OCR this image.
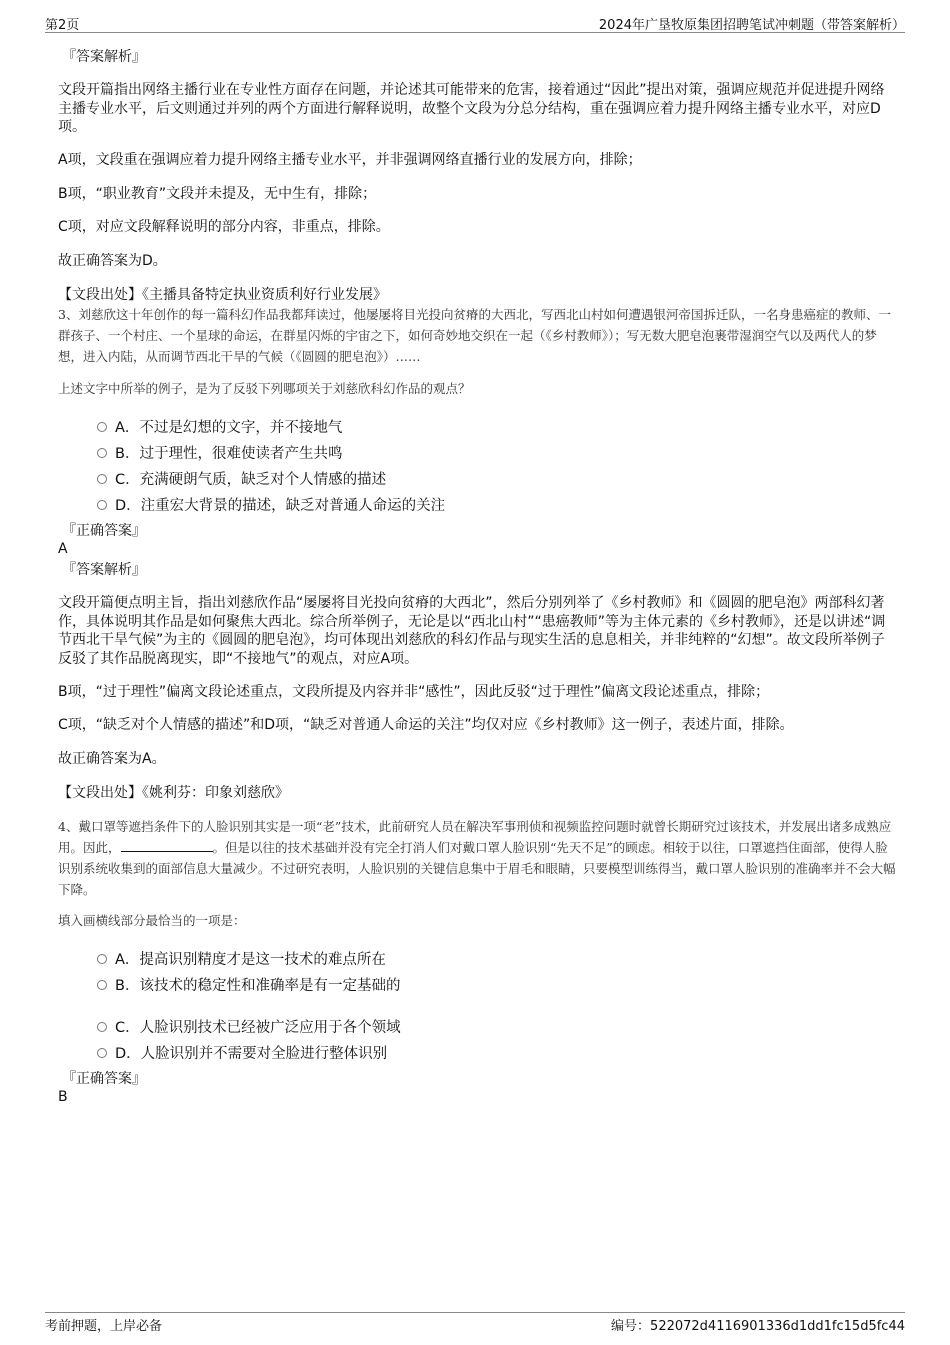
第2页	2024年广垦牧原集团招聘笔试冲刺题（带答案解析）
『答案解析』
文段开篇指出网络主播行业在专业性方面存在问题，并论述其可能带来的危害，接着通过“因此”提出对策，强调应规范并促进提升网络主播专业水平，后文则通过并列的两个方面进行解释说明，故整个文段为分总分结构，重在强调应着力提升网络主播专业水平，对应D项。
A项，文段重在强调应着力提升网络主播专业水平，并非强调网络直播行业的发展方向，排除；
B项，“职业教育”文段并未提及，无中生有，排除；
C项，对应文段解释说明的部分内容，非重点，排除。
故正确答案为D。
【文段出处】《主播具备特定执业资质利好行业发展》
3、刘慈欣这十年创作的每一篇科幻作品我都拜读过，他屡屡将目光投向贫瘠的大西北，写西北山村如何遭遇银河帝国拆迁队，一名身患癌症的教师、一群孩子、一个村庄、一个星球的命运，在群星闪烁的宇宙之下，如何奇妙地交织在一起（《乡村教师》）；写无数大肥皂泡裹带湿润空气以及两代人的梦想，进入内陆，从而调节西北干旱的气候（《圆圆的肥皂泡》）……
上述文字中所举的例子，是为了反驳下列哪项关于刘慈欣科幻作品的观点？
A．不过是幻想的文字，并不接地气
B．过于理性，很难使读者产生共鸣
C．充满硬朗气质，缺乏对个人情感的描述
D．注重宏大背景的描述，缺乏对普通人命运的关注
『正确答案』
A
『答案解析』
文段开篇便点明主旨，指出刘慈欣作品“屡屡将目光投向贫瘠的大西北”，然后分别列举了《乡村教师》和《圆圆的肥皂泡》两部科幻著作，具体说明其作品是如何聚焦大西北。综合所举例子，无论是以“西北山村”“患癌教师”等为主体元素的《乡村教师》，还是以讲述“调节西北干旱气候”为主的《圆圆的肥皂泡》，均可体现出刘慈欣的科幻作品与现实生活的息息相关，并非纯粹的“幻想”。故文段所举例子反驳了其作品脱离现实，即“不接地气”的观点，对应A项。
B项，“过于理性”偏离文段论述重点，文段所提及内容并非“感性”，因此反驳“过于理性”偏离文段论述重点，排除；
C项，“缺乏对个人情感的描述”和D项，“缺乏对普通人命运的关注”均仅对应《乡村教师》这一例子，表述片面，排除。
故正确答案为A。
【文段出处】《姚利芬：印象刘慈欣》
4、戴口罩等遮挡条件下的人脸识别其实是一项“老”技术，此前研究人员在解决军事刑侦和视频监控问题时就曾长期研究过该技术，并发展出诸多成熟应用。因此，	。但是以往的技术基础并没有完全打消人们对戴口罩人脸识别“先天不足”的顾虑。相较于以往，口罩遮挡住面部，使得人脸识别系统收集到的面部信息大量减少。不过研究表明，人脸识别的关键信息集中于眉毛和眼睛，只要模型训练得当，戴口罩人脸识别的准确率并不会大幅下降。
填入画横线部分最恰当的一项是：
A．提高识别精度才是这一技术的难点所在
B．该技术的稳定性和准确率是有一定基础的
C．人脸识别技术已经被广泛应用于各个领域
D．人脸识别并不需要对全脸进行整体识别
『正确答案』
B
考前押题，上岸必备	编号：522072d4116901336d1dd1fc15d5fc44
